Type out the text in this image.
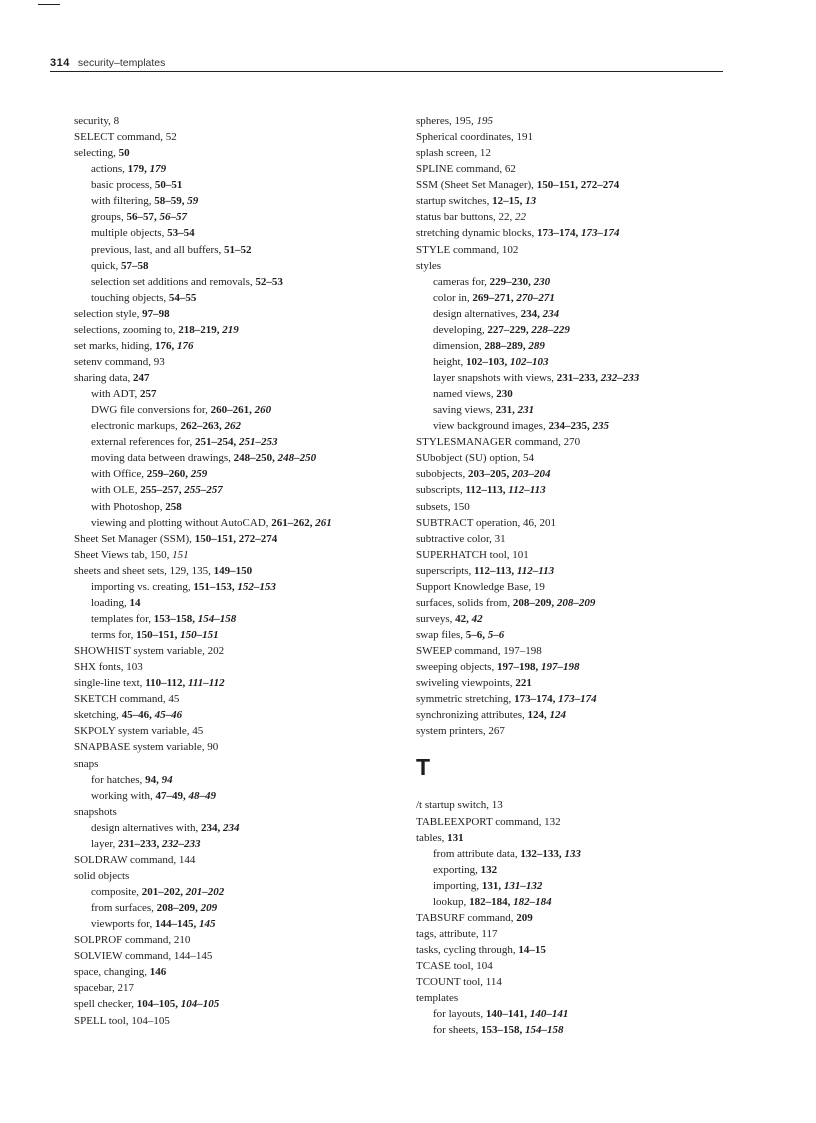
314 security–templates
security, 8
SELECT command, 52
selecting, 50
actions, 179, 179
basic process, 50–51
with filtering, 58–59, 59
groups, 56–57, 56–57
multiple objects, 53–54
previous, last, and all buffers, 51–52
quick, 57–58
selection set additions and removals, 52–53
touching objects, 54–55
selection style, 97–98
selections, zooming to, 218–219, 219
set marks, hiding, 176, 176
setenv command, 93
sharing data, 247
with ADT, 257
DWG file conversions for, 260–261, 260
electronic markups, 262–263, 262
external references for, 251–254, 251–253
moving data between drawings, 248–250, 248–250
with Office, 259–260, 259
with OLE, 255–257, 255–257
with Photoshop, 258
viewing and plotting without AutoCAD, 261–262, 261
Sheet Set Manager (SSM), 150–151, 272–274
Sheet Views tab, 150, 151
sheets and sheet sets, 129, 135, 149–150
importing vs. creating, 151–153, 152–153
loading, 14
templates for, 153–158, 154–158
terms for, 150–151, 150–151
SHOWHIST system variable, 202
SHX fonts, 103
single-line text, 110–112, 111–112
SKETCH command, 45
sketching, 45–46, 45–46
SKPOLY system variable, 45
SNAPBASE system variable, 90
snaps
for hatches, 94, 94
working with, 47–49, 48–49
snapshots
design alternatives with, 234, 234
layer, 231–233, 232–233
SOLDRAW command, 144
solid objects
composite, 201–202, 201–202
from surfaces, 208–209, 209
viewports for, 144–145, 145
SOLPROF command, 210
SOLVIEW command, 144–145
space, changing, 146
spacebar, 217
spell checker, 104–105, 104–105
SPELL tool, 104–105
spheres, 195, 195
Spherical coordinates, 191
splash screen, 12
SPLINE command, 62
SSM (Sheet Set Manager), 150–151, 272–274
startup switches, 12–15, 13
status bar buttons, 22, 22
stretching dynamic blocks, 173–174, 173–174
STYLE command, 102
styles
cameras for, 229–230, 230
color in, 269–271, 270–271
design alternatives, 234, 234
developing, 227–229, 228–229
dimension, 288–289, 289
height, 102–103, 102–103
layer snapshots with views, 231–233, 232–233
named views, 230
saving views, 231, 231
view background images, 234–235, 235
STYLESMANAGER command, 270
SUbobject (SU) option, 54
subobjects, 203–205, 203–204
subscripts, 112–113, 112–113
subsets, 150
SUBTRACT operation, 46, 201
subtractive color, 31
SUPERHATCH tool, 101
superscripts, 112–113, 112–113
Support Knowledge Base, 19
surfaces, solids from, 208–209, 208–209
surveys, 42, 42
swap files, 5–6, 5–6
SWEEP command, 197–198
sweeping objects, 197–198, 197–198
swiveling viewpoints, 221
symmetric stretching, 173–174, 173–174
synchronizing attributes, 124, 124
system printers, 267
T
/t startup switch, 13
TABLEEXPORT command, 132
tables, 131
from attribute data, 132–133, 133
exporting, 132
importing, 131, 131–132
lookup, 182–184, 182–184
TABSURF command, 209
tags, attribute, 117
tasks, cycling through, 14–15
TCASE tool, 104
TCOUNT tool, 114
templates
for layouts, 140–141, 140–141
for sheets, 153–158, 154–158
